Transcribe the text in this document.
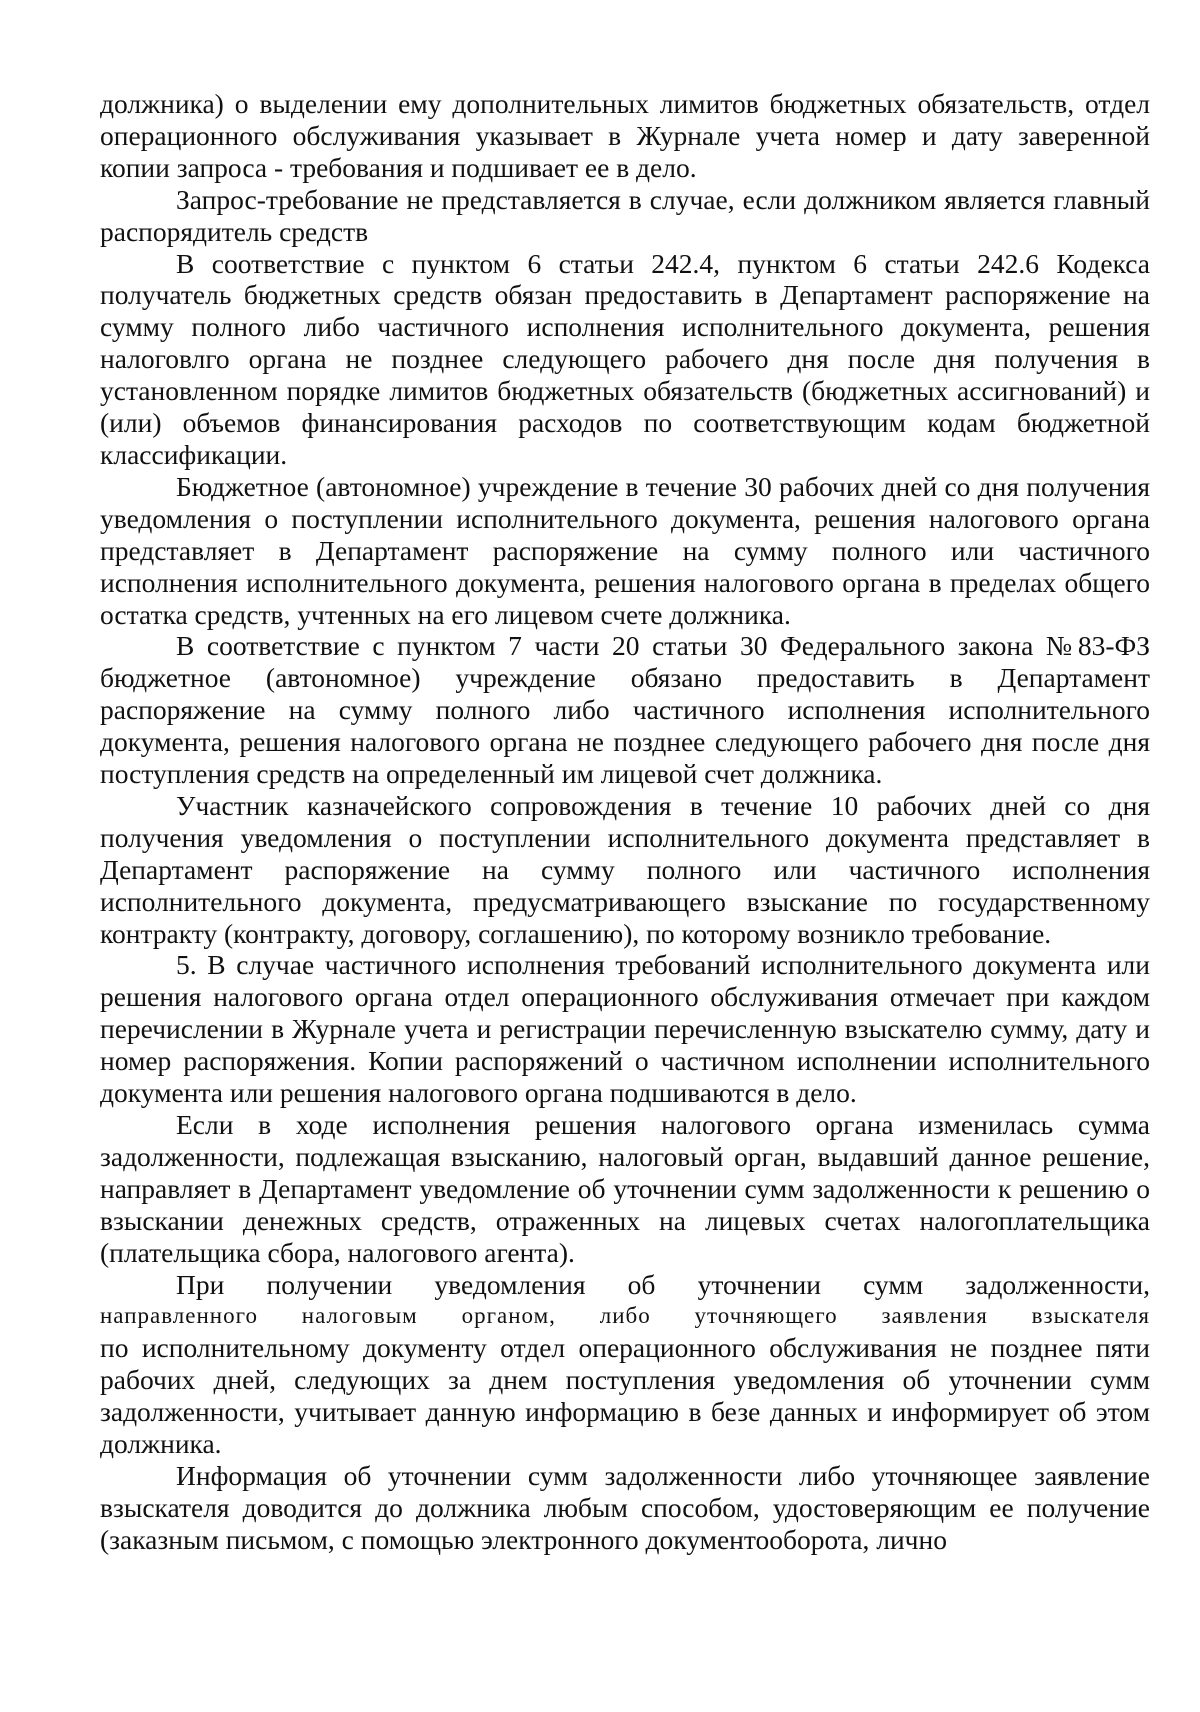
должника) о выделении ему дополнительных лимитов бюджетных обязательств, отдел операционного обслуживания указывает в Журнале учета номер и дату заверенной копии запроса - требования и подшивает ее в дело.

Запрос-требование не представляется в случае, если должником является главный распорядитель средств

В соответствие с пунктом 6 статьи 242.4, пунктом 6 статьи 242.6 Кодекса получатель бюджетных средств обязан предоставить в Департамент распоряжение на сумму полного либо частичного исполнения исполнительного документа, решения налоговлго органа не позднее следующего рабочего дня после дня получения в установленном порядке лимитов бюджетных обязательств (бюджетных ассигнований) и (или) объемов финансирования расходов по соответствующим кодам бюджетной классификации.

Бюджетное (автономное) учреждение в течение 30 рабочих дней со дня получения уведомления о поступлении исполнительного документа, решения налогового органа представляет в Департамент распоряжение на сумму полного или частичного исполнения исполнительного документа, решения налогового органа в пределах общего остатка средств, учтенных на его лицевом счете должника.

В соответствие с пунктом 7 части 20 статьи 30 Федерального закона №83-ФЗ бюджетное (автономное) учреждение обязано предоставить в Департамент распоряжение на сумму полного либо частичного исполнения исполнительного документа, решения налогового органа не позднее следующего рабочего дня после дня поступления средств на определенный им лицевой счет должника.

Участник казначейского сопровождения в течение 10 рабочих дней со дня получения уведомления о поступлении исполнительного документа представляет в Департамент распоряжение на сумму полного или частичного исполнения исполнительного документа, предусматривающего взыскание по государственному контракту (контракту, договору, соглашению), по которому возникло требование.

5. В случае частичного исполнения требований исполнительного документа или решения налогового органа отдел операционного обслуживания отмечает при каждом перечислении в Журнале учета и регистрации перечисленную взыскателю сумму, дату и номер распоряжения. Копии распоряжений о частичном исполнении исполнительного документа или решения налогового органа подшиваются в дело.

Если в ходе исполнения решения налогового органа изменилась сумма задолженности, подлежащая взысканию, налоговый орган, выдавший данное решение, направляет в Департамент уведомление об уточнении сумм задолженности к решению о взыскании денежных средств, отраженных на лицевых счетах налогоплательщика (плательщика сбора, налогового агента).

При получении уведомления об уточнении сумм задолженности,
направленного налоговым органом, либо уточняющего заявления взыскателя
по исполнительному документу отдел операционного обслуживания не позднее пяти рабочих дней, следующих за днем поступления уведомления об уточнении сумм задолженности, учитывает данную информацию в безе данных и информирует об этом должника.

Информация об уточнении сумм задолженности либо уточняющее заявление взыскателя доводится до должника любым способом, удостоверяющим ее получение (заказным письмом, с помощью электронного документооборота, лично
